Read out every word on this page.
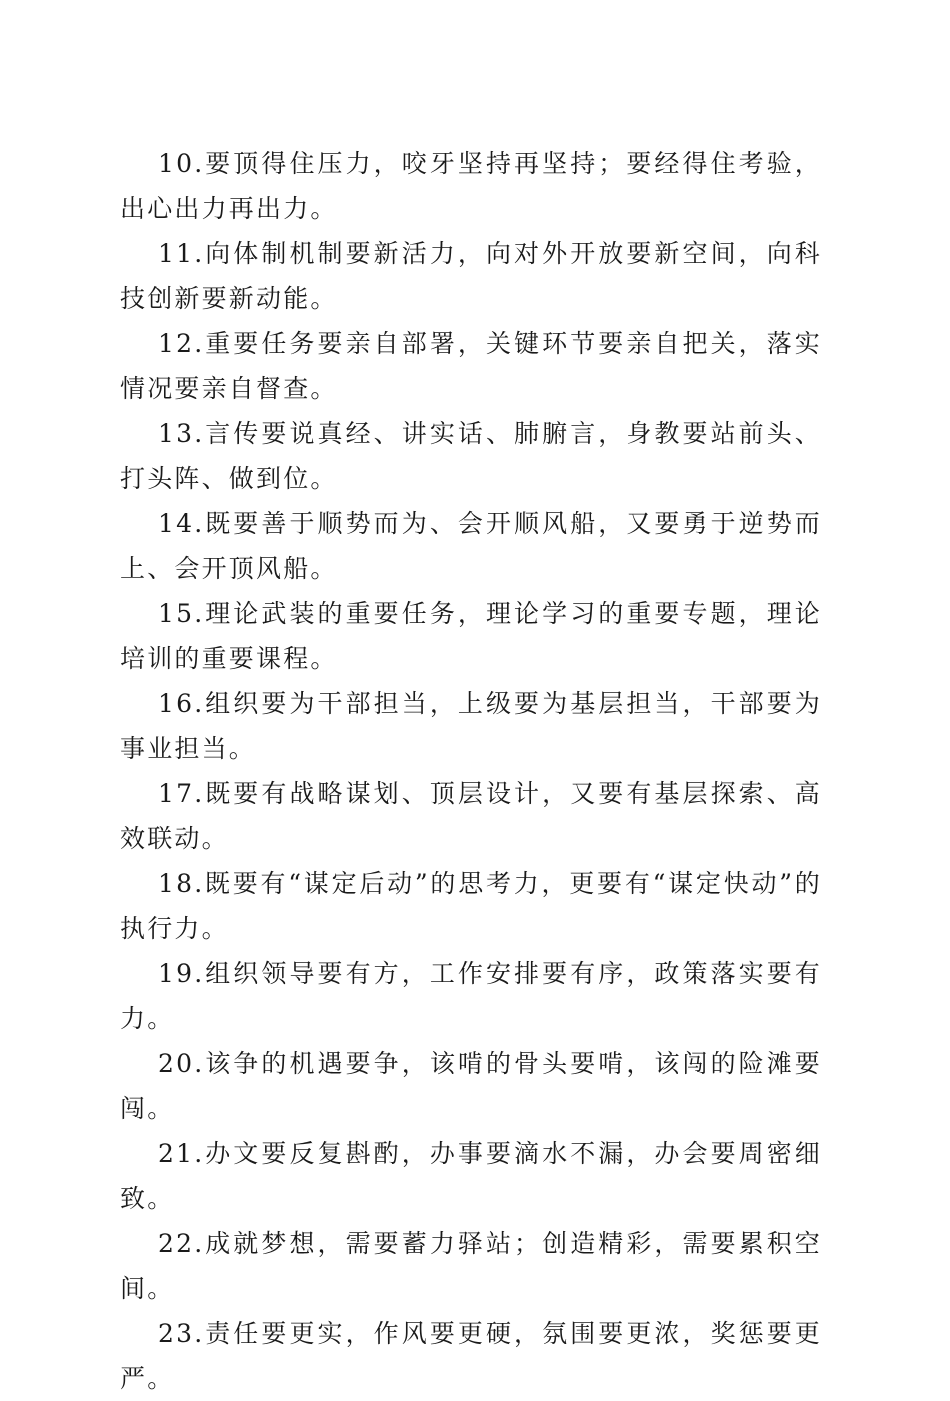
10.要顶得住压力，咬牙坚持再坚持；要经得住考验，出心出力再出力。

11.向体制机制要新活力，向对外开放要新空间，向科技创新要新动能。

12.重要任务要亲自部署，关键环节要亲自把关，落实情况要亲自督查。

13.言传要说真经、讲实话、肺腑言，身教要站前头、打头阵、做到位。

14.既要善于顺势而为、会开顺风船，又要勇于逆势而上、会开顶风船。

15.理论武装的重要任务，理论学习的重要专题，理论培训的重要课程。

16.组织要为干部担当，上级要为基层担当，干部要为事业担当。

17.既要有战略谋划、顶层设计，又要有基层探索、高效联动。

18.既要有“谋定后动”的思考力，更要有“谋定快动”的执行力。

19.组织领导要有方，工作安排要有序，政策落实要有力。

20.该争的机遇要争，该啃的骨头要啃，该闯的险滩要闯。

21.办文要反复斟酌，办事要滴水不漏，办会要周密细致。

22.成就梦想，需要蓄力驿站；创造精彩，需要累积空间。

23.责任要更实，作风要更硬，氛围要更浓，奖惩要更严。
